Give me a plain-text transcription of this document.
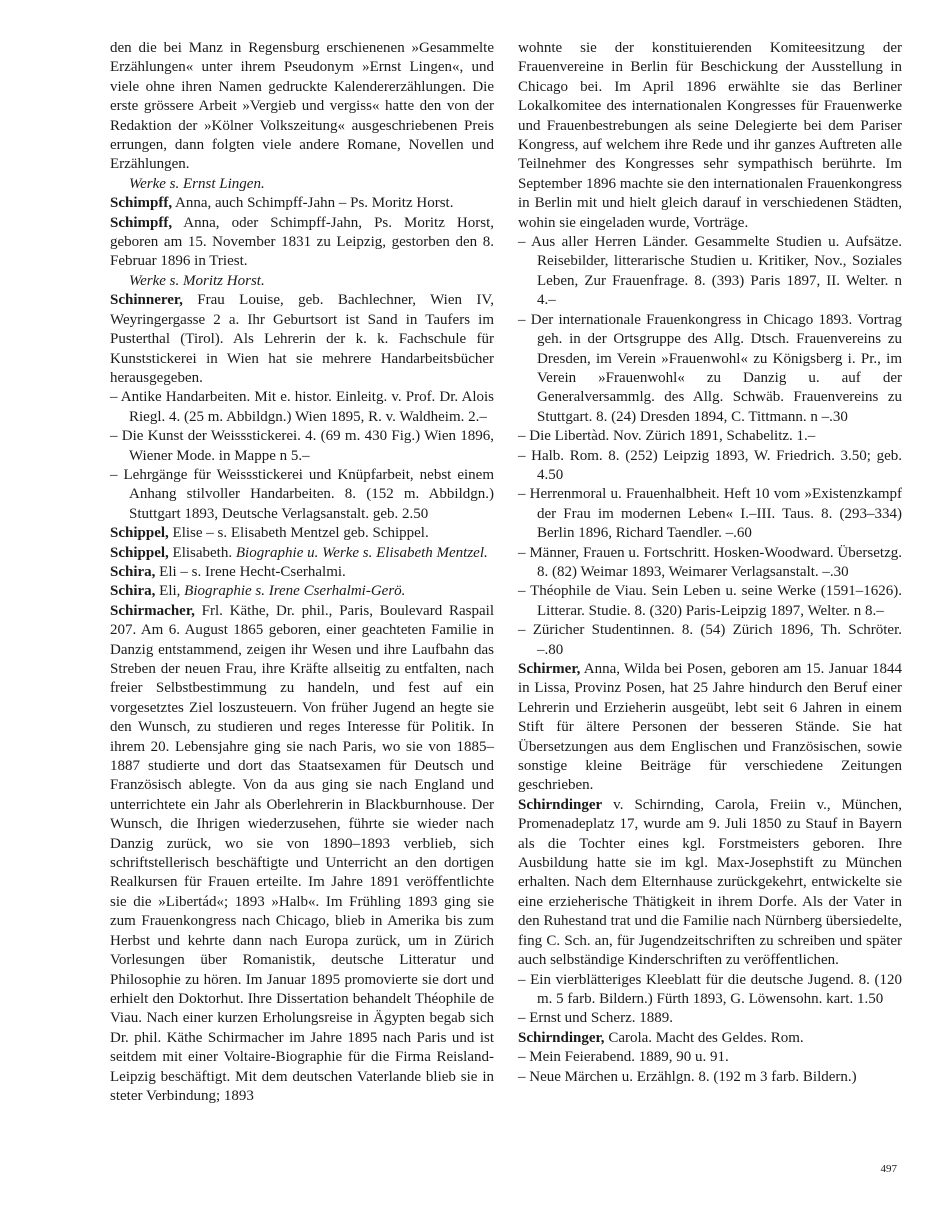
den die bei Manz in Regensburg erschienenen »Gesammelte Erzählungen« unter ihrem Pseudonym »Ernst Lingen«, und viele ohne ihren Namen gedruckte Kalendererzählungen. Die erste grössere Arbeit »Vergieb und vergiss« hatte den von der Redaktion der »Kölner Volkszeitung« ausgeschriebenen Preis errungen, dann folgten viele andere Romane, Novellen und Erzählungen.

Werke s. Ernst Lingen.

Schimpff, Anna, auch Schimpff-Jahn – Ps. Moritz Horst.

Schimpff, Anna, oder Schimpff-Jahn, Ps. Moritz Horst, geboren am 15. November 1831 zu Leipzig, gestorben den 8. Februar 1896 in Triest.

Werke s. Moritz Horst.

Schinnerer, Frau Louise, geb. Bachlechner, Wien IV, Weyringergasse 2 a. Ihr Geburtsort ist Sand in Taufers im Pusterthal (Tirol). Als Lehrerin der k. k. Fachschule für Kunststickerei in Wien hat sie mehrere Handarbeitsbücher herausgegeben.

– Antike Handarbeiten. Mit e. histor. Einleitg. v. Prof. Dr. Alois Riegl. 4. (25 m. Abbildgn.) Wien 1895, R. v. Waldheim. 2.–

– Die Kunst der Weissstickerei. 4. (69 m. 430 Fig.) Wien 1896, Wiener Mode. in Mappe n 5.–

– Lehrgänge für Weissstickerei und Knüpfarbeit, nebst einem Anhang stilvoller Handarbeiten. 8. (152 m. Abbildgn.) Stuttgart 1893, Deutsche Verlagsanstalt. geb. 2.50

Schippel, Elise – s. Elisabeth Mentzel geb. Schippel.

Schippel, Elisabeth. Biographie u. Werke s. Elisabeth Mentzel.

Schira, Eli – s. Irene Hecht-Cserhalmi.

Schira, Eli, Biographie s. Irene Cserhalmi-Gerö.

Schirmacher, Frl. Käthe, Dr. phil., Paris, Boulevard Raspail 207. Am 6. August 1865 geboren, einer geachteten Familie in Danzig entstammend, zeigen ihr Wesen und ihre Laufbahn das Streben der neuen Frau, ihre Kräfte allseitig zu entfalten, nach freier Selbstbestimmung zu handeln, und fest auf ein vorgesetztes Ziel loszusteuern. Von früher Jugend an hegte sie den Wunsch, zu studieren und reges Interesse für Politik. In ihrem 20. Lebensjahre ging sie nach Paris, wo sie von 1885–1887 studierte und dort das Staatsexamen für Deutsch und Französisch ablegte. Von da aus ging sie nach England und unterrichtete ein Jahr als Oberlehrerin in Blackburnhouse. Der Wunsch, die Ihrigen wiederzusehen, führte sie wieder nach Danzig zurück, wo sie von 1890–1893 verblieb, sich schriftstellerisch beschäftigte und Unterricht an den dortigen Realkursen für Frauen erteilte. Im Jahre 1891 veröffentlichte sie die »Libertád«; 1893 »Halb«. Im Frühling 1893 ging sie zum Frauenkongress nach Chicago, blieb in Amerika bis zum Herbst und kehrte dann nach Europa zurück, um in Zürich Vorlesungen über Romanistik, deutsche Litteratur und Philosophie zu hören. Im Januar 1895 promovierte sie dort und erhielt den Doktorhut. Ihre Dissertation behandelt Théophile de Viau. Nach einer kurzen Erholungsreise in Ägypten begab sich Dr. phil. Käthe Schirmacher im Jahre 1895 nach Paris und ist seitdem mit einer Voltaire-Biographie für die Firma Reisland-Leipzig beschäftigt. Mit dem deutschen Vaterlande blieb sie in steter Verbindung; 1893

wohnte sie der konstituierenden Komiteesitzung der Frauenvereine in Berlin für Beschickung der Ausstellung in Chicago bei. Im April 1896 erwählte sie das Berliner Lokalkomitee des internationalen Kongresses für Frauenwerke und Frauenbestrebungen als seine Delegierte bei dem Pariser Kongress, auf welchem ihre Rede und ihr ganzes Auftreten alle Teilnehmer des Kongresses sehr sympathisch berührte. Im September 1896 machte sie den internationalen Frauenkongress in Berlin mit und hielt gleich darauf in verschiedenen Städten, wohin sie eingeladen wurde, Vorträge.

– Aus aller Herren Länder. Gesammelte Studien u. Aufsätze. Reisebilder, litterarische Studien u. Kritiker, Nov., Soziales Leben, Zur Frauenfrage. 8. (393) Paris 1897, II. Welter. n 4.–

– Der internationale Frauenkongress in Chicago 1893. Vortrag geh. in der Ortsgruppe des Allg. Dtsch. Frauenvereins zu Dresden, im Verein »Frauenwohl« zu Königsberg i. Pr., im Verein »Frauenwohl« zu Danzig u. auf der Generalversammlg. des Allg. Schwäb. Frauenvereins zu Stuttgart. 8. (24) Dresden 1894, C. Tittmann. n –.30

– Die Libertàd. Nov. Zürich 1891, Schabelitz. 1.–

– Halb. Rom. 8. (252) Leipzig 1893, W. Friedrich. 3.50; geb. 4.50

– Herrenmoral u. Frauenhalbheit. Heft 10 vom »Existenzkampf der Frau im modernen Leben« I.–III. Taus. 8. (293–334) Berlin 1896, Richard Taendler. –.60

– Männer, Frauen u. Fortschritt. Hosken-Woodward. Übersetzg. 8. (82) Weimar 1893, Weimarer Verlagsanstalt. –.30

– Théophile de Viau. Sein Leben u. seine Werke (1591–1626). Litterar. Studie. 8. (320) Paris-Leipzig 1897, Welter. n 8.–

– Züricher Studentinnen. 8. (54) Zürich 1896, Th. Schröter. –.80

Schirmer, Anna, Wilda bei Posen, geboren am 15. Januar 1844 in Lissa, Provinz Posen, hat 25 Jahre hindurch den Beruf einer Lehrerin und Erzieherin ausgeübt, lebt seit 6 Jahren in einem Stift für ältere Personen der besseren Stände. Sie hat Übersetzungen aus dem Englischen und Französischen, sowie sonstige kleine Beiträge für verschiedene Zeitungen geschrieben.

Schirndinger v. Schirnding, Carola, Freiin v., München, Promenadeplatz 17, wurde am 9. Juli 1850 zu Stauf in Bayern als die Tochter eines kgl. Forstmeisters geboren. Ihre Ausbildung hatte sie im kgl. Max-Josephstift zu München erhalten. Nach dem Elternhause zurückgekehrt, entwickelte sie eine erzieherische Thätigkeit in ihrem Dorfe. Als der Vater in den Ruhestand trat und die Familie nach Nürnberg übersiedelte, fing C. Sch. an, für Jugendzeitschriften zu schreiben und später auch selbständige Kinderschriften zu veröffentlichen.

– Ein vierblätteriges Kleeblatt für die deutsche Jugend. 8. (120 m. 5 farb. Bildern.) Fürth 1893, G. Löwensohn. kart. 1.50

– Ernst und Scherz. 1889.

Schirndinger, Carola. Macht des Geldes. Rom.

– Mein Feierabend. 1889, 90 u. 91.

– Neue Märchen u. Erzählgn. 8. (192 m 3 farb. Bildern.)

497
